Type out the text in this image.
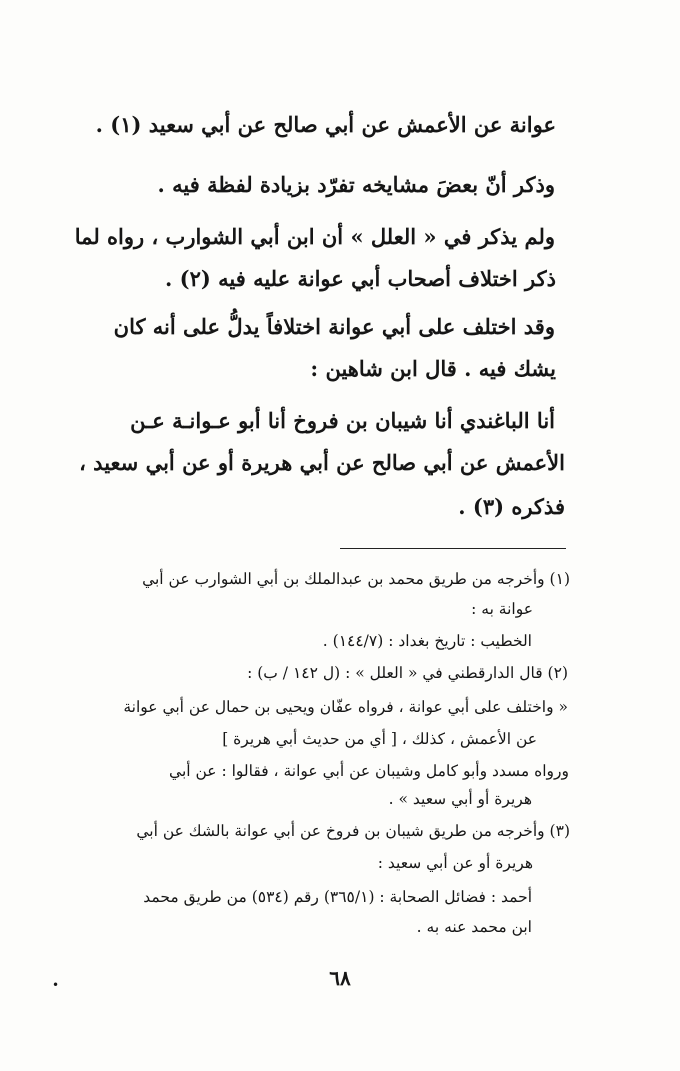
عوانة عن الأعمش عن أبي صالح عن أبي سعيد (١) .
وذكر أنّ بعضَ مشايخه تفرّد بزيادة لفظة فيه .
ولم يذكر في « العلل » أن ابن أبي الشوارب ، رواه لما
ذكر اختلاف أصحاب أبي عوانة عليه فيه (٢) .
وقد اختلف على أبي عوانة اختلافاً يدلُّ على أنه كان
يشك فيه . قال ابن شاهين :
أنا الباغندي أنا شيبان بن فروخ أنا أبو عـوانـة عـن
الأعمش عن أبي صالح عن أبي هريرة أو عن أبي سعيد ،
فذكره (٣) .
(١) وأخرجه من طريق محمد بن عبدالملك بن أبي الشوارب عن أبي
عوانة به :
الخطيب : تاريخ بغداد : (١٤٤/٧) .
(٢) قال الدارقطني في « العلل » : (ل ١٤٢ / ب) :
« واختلف على أبي عوانة ، فرواه عفّان ويحيى بن حمال عن أبي عوانة
عن الأعمش ، كذلك ، [ أي من حديث أبي هريرة ]
ورواه مسدد وأبو كامل وشيبان عن أبي عوانة ، فقالوا : عن أبي
هريرة أو أبي سعيد » .
(٣) وأخرجه من طريق شيبان بن فروخ عن أبي عوانة بالشك عن أبي
هريرة أو عن أبي سعيد :
أحمد : فضائل الصحابة : (٣٦٥/١) رقم (٥٣٤) من طريق محمد
ابن محمد عنه به .
٦٨
•
